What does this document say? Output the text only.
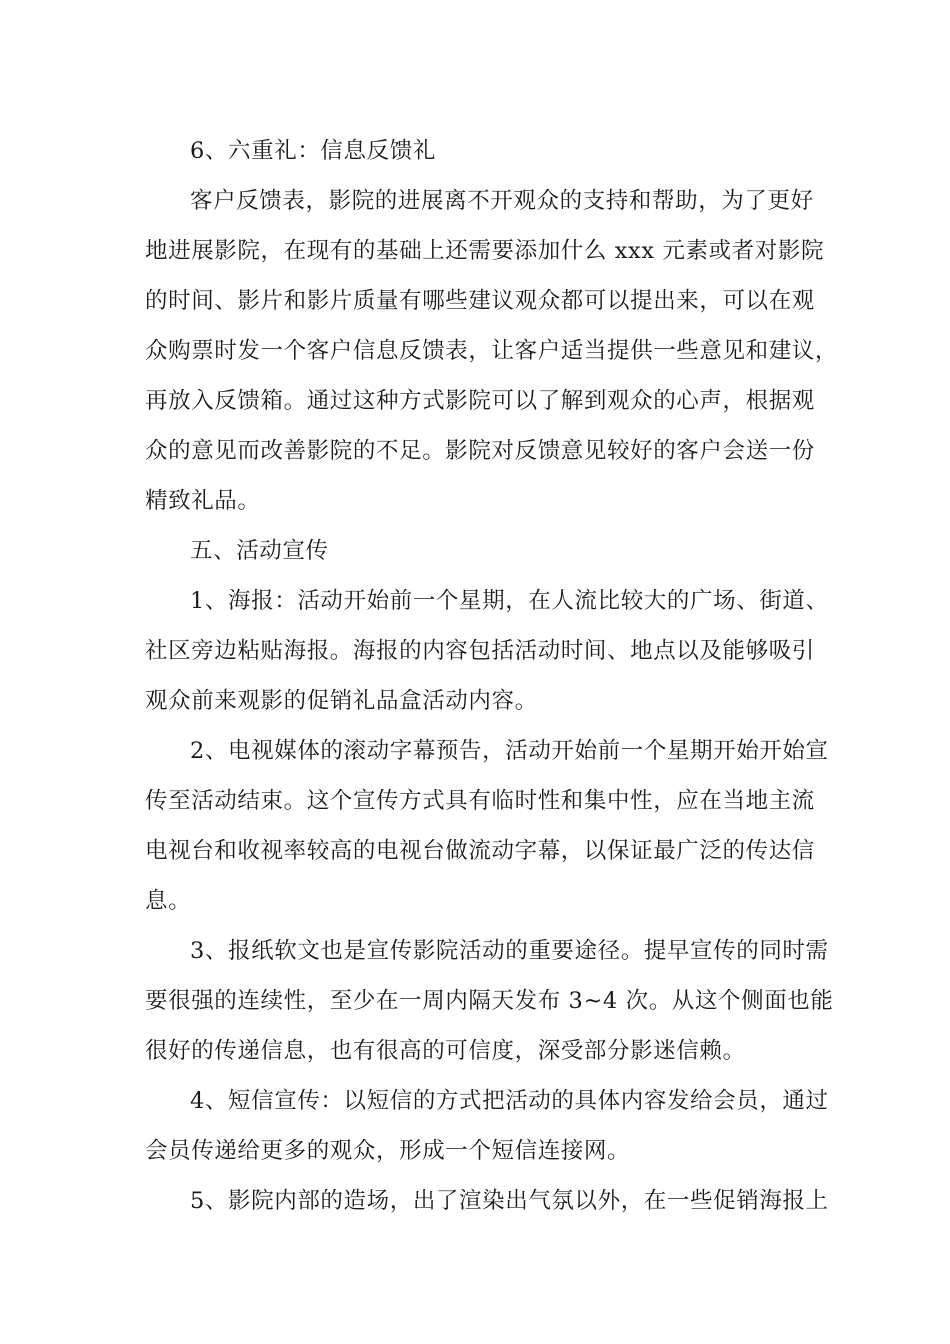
6、六重礼：信息反馈礼
客户反馈表，影院的进展离不开观众的支持和帮助，为了更好
地进展影院，在现有的基础上还需要添加什么 xxx 元素或者对影院
的时间、影片和影片质量有哪些建议观众都可以提出来，可以在观
众购票时发一个客户信息反馈表，让客户适当提供一些意见和建议，
再放入反馈箱。通过这种方式影院可以了解到观众的心声，根据观
众的意见而改善影院的不足。影院对反馈意见较好的客户会送一份
精致礼品。
五、活动宣传
1、海报：活动开始前一个星期，在人流比较大的广场、街道、
社区旁边粘贴海报。海报的内容包括活动时间、地点以及能够吸引
观众前来观影的促销礼品盒活动内容。
2、电视媒体的滚动字幕预告，活动开始前一个星期开始开始宣
传至活动结束。这个宣传方式具有临时性和集中性，应在当地主流
电视台和收视率较高的电视台做流动字幕，以保证最广泛的传达信
息。
3、报纸软文也是宣传影院活动的重要途径。提早宣传的同时需
要很强的连续性，至少在一周内隔天发布 3~4 次。从这个侧面也能
很好的传递信息，也有很高的可信度，深受部分影迷信赖。
4、短信宣传：以短信的方式把活动的具体内容发给会员，通过
会员传递给更多的观众，形成一个短信连接网。
5、影院内部的造场，出了渲染出气氛以外，在一些促销海报上
